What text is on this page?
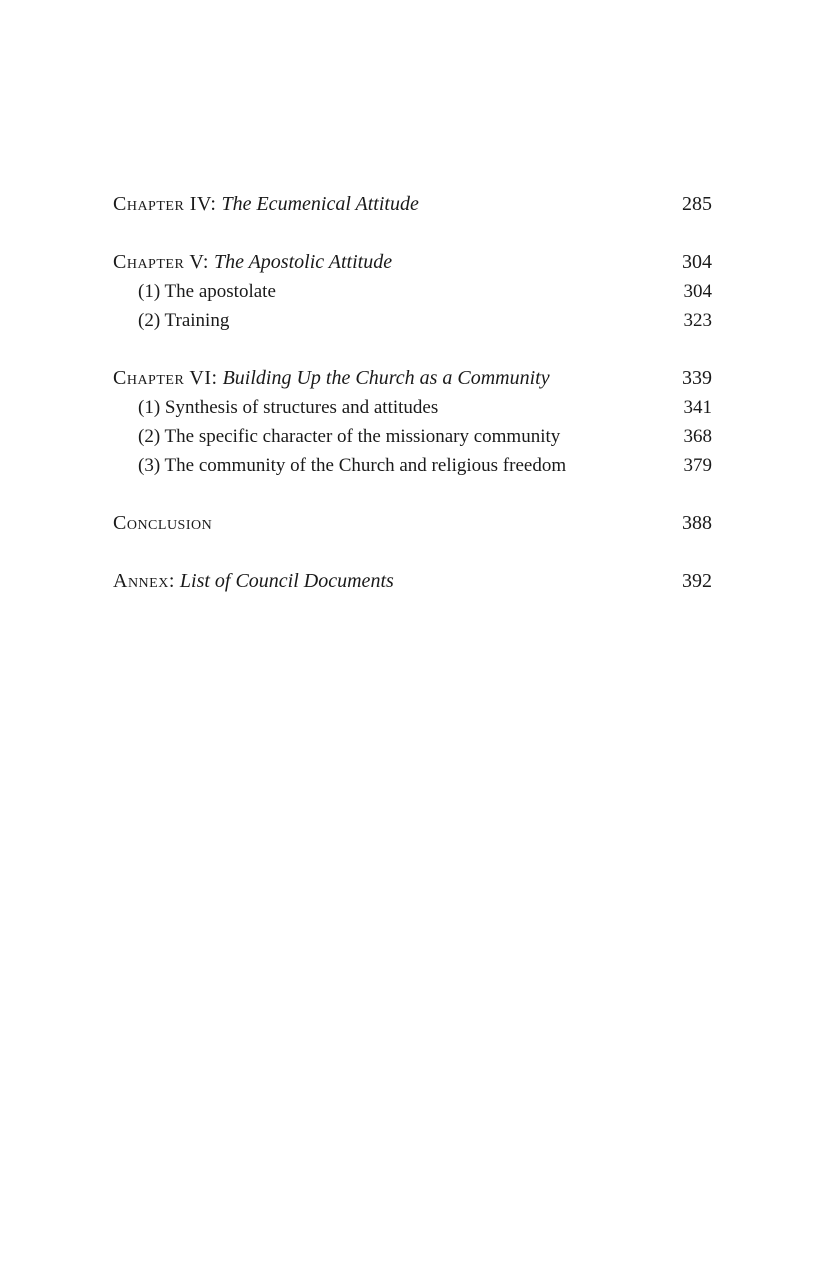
Chapter IV: The Ecumenical Attitude	285
Chapter V: The Apostolic Attitude	304
(1) The apostolate	304
(2) Training	323
Chapter VI: Building Up the Church as a Community	339
(1) Synthesis of structures and attitudes	341
(2) The specific character of the missionary community	368
(3) The community of the Church and religious freedom	379
Conclusion	388
Annex: List of Council Documents	392
